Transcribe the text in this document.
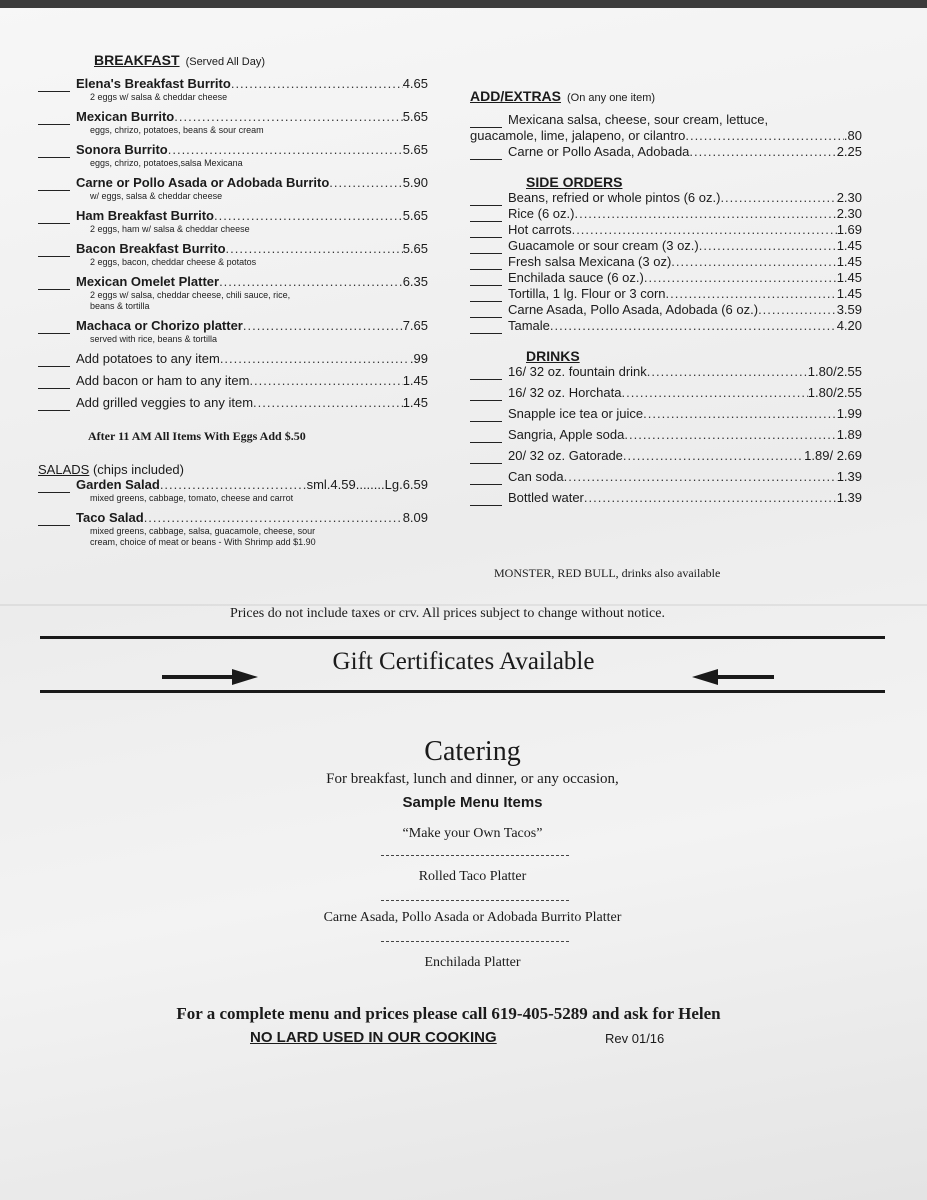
BREAKFAST (Served All Day)
Elena's Breakfast Burrito .....	4.65
2 eggs w/ salsa & cheddar cheese
Mexican Burrito .....	5.65
eggs, chrizo, potatoes, beans & sour cream
Sonora Burrito .....	5.65
eggs, chrizo, potatoes,salsa Mexicana
Carne or Pollo Asada or Adobada Burrito .....	5.90
w/ eggs, salsa & cheddar cheese
Ham Breakfast Burrito .....	5.65
2 eggs, ham w/ salsa & cheddar cheese
Bacon Breakfast Burrito .....	5.65
2 eggs, bacon, cheddar cheese & potatos
Mexican Omelet Platter .....	6.35
2 eggs w/ salsa, cheddar cheese, chili sauce, rice,
beans & tortilla
Machaca or Chorizo platter .....	7.65
served with rice, beans & tortilla
Add potatoes to any item .....	.99
Add bacon or ham to any item .....	1.45
Add grilled veggies to any item .....	1.45
After 11 AM All Items With Eggs Add $.50
SALADS (chips included)
Garden Salad .....	sml.4.59........Lg.6.59
mixed greens, cabbage, tomato, cheese and carrot
Taco Salad .....	8.09
mixed greens, cabbage, salsa, guacamole, cheese, sour
cream, choice of meat or beans - With Shrimp add $1.90
ADD/EXTRAS (On any one item)
Mexicana salsa, cheese, sour cream, lettuce,
guacamole, lime, jalapeno, or cilantro .....	.80
Carne or Pollo Asada, Adobada .....	2.25
SIDE ORDERS
Beans, refried or whole pintos (6 oz.) .....	2.30
Rice (6 oz.) .....	2.30
Hot carrots .....	1.69
Guacamole or sour cream (3 oz.) .....	1.45
Fresh salsa Mexicana (3 oz) .....	1.45
Enchilada sauce (6 oz.) .....	1.45
Tortilla, 1 lg. Flour or 3 corn .....	1.45
Carne Asada, Pollo Asada, Adobada (6 oz.) .....	3.59
Tamale .....	4.20
DRINKS
16/ 32 oz. fountain drink .....	1.80/2.55
16/ 32 oz. Horchata .....	1.80/2.55
Snapple ice tea or juice .....	1.99
Sangria, Apple soda .....	1.89
20/ 32 oz. Gatorade .....	1.89/ 2.69
Can soda .....	1.39
Bottled water .....	1.39
MONSTER, RED BULL, drinks also available
Prices do not include taxes or crv. All prices subject to change without notice.
Gift Certificates Available
Catering
For breakfast, lunch and dinner, or any occasion,
Sample Menu Items
“Make your Own Tacos”
Rolled Taco Platter
Carne Asada, Pollo Asada or Adobada Burrito Platter
Enchilada Platter
For a complete menu and prices please call 619-405-5289 and ask for Helen
NO LARD USED IN OUR COOKING	Rev 01/16
